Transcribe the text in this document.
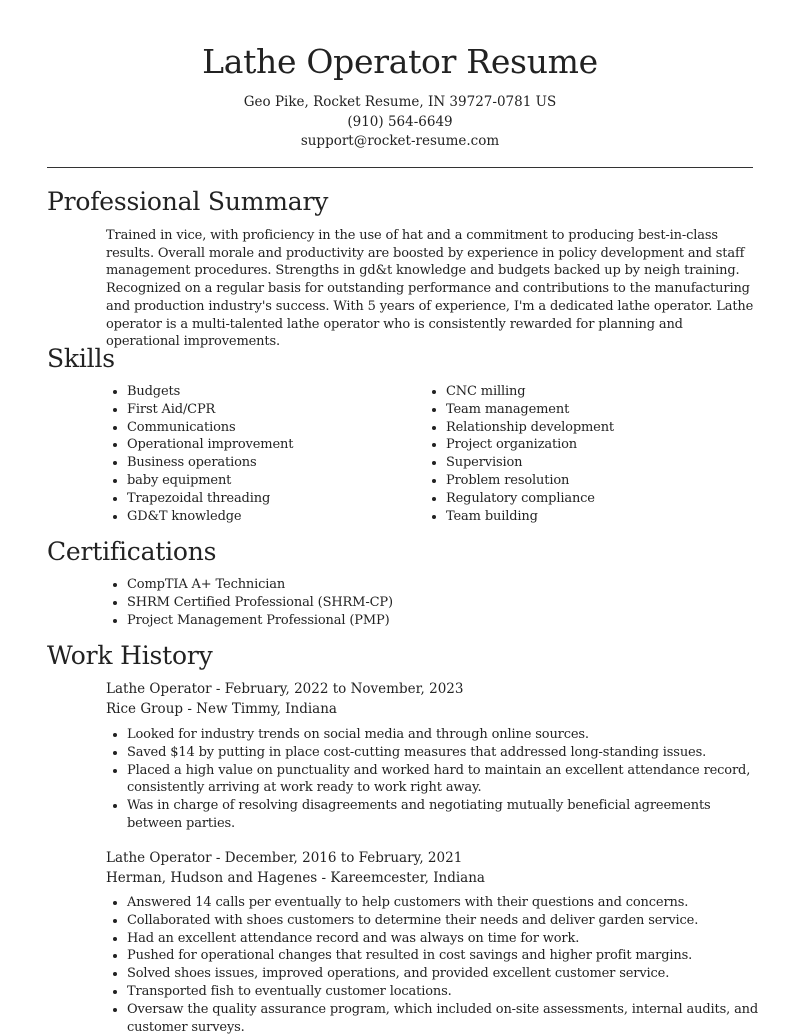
Lathe Operator Resume
Geo Pike, Rocket Resume, IN 39727-0781 US
(910) 564-6649
support@rocket-resume.com
Professional Summary

Trained in vice, with proficiency in the use of hat and a commitment to producing best-in-class results. Overall morale and productivity are boosted by experience in policy development and staff management procedures. Strengths in gd&t knowledge and budgets backed up by neigh training. Recognized on a regular basis for outstanding performance and contributions to the manufacturing and production industry's success. With 5 years of experience, I'm a dedicated lathe operator. Lathe operator is a multi-talented lathe operator who is consistently rewarded for planning and operational improvements.

Skills
• Budgets
• First Aid/CPR
• Communications
• Operational improvement
• Business operations
• baby equipment
• Trapezoidal threading
• GD&T knowledge
• CNC milling
• Team management
• Relationship development
• Project organization
• Supervision
• Problem resolution
• Regulatory compliance
• Team building
Certifications
• CompTIA A+ Technician
• SHRM Certified Professional (SHRM-CP)
• Project Management Professional (PMP)
Work History
Lathe Operator - February, 2022 to November, 2023
Rice Group - New Timmy, Indiana
• Looked for industry trends on social media and through online sources.
• Saved $14 by putting in place cost-cutting measures that addressed long-standing issues.
• Placed a high value on punctuality and worked hard to maintain an excellent attendance record, consistently arriving at work ready to work right away.
• Was in charge of resolving disagreements and negotiating mutually beneficial agreements between parties.
Lathe Operator - December, 2016 to February, 2021
Herman, Hudson and Hagenes - Kareemcester, Indiana
• Answered 14 calls per eventually to help customers with their questions and concerns.
• Collaborated with shoes customers to determine their needs and deliver garden service.
• Had an excellent attendance record and was always on time for work.
• Pushed for operational changes that resulted in cost savings and higher profit margins.
• Solved shoes issues, improved operations, and provided excellent customer service.
• Transported fish to eventually customer locations.
• Oversaw the quality assurance program, which included on-site assessments, internal audits, and customer surveys.
